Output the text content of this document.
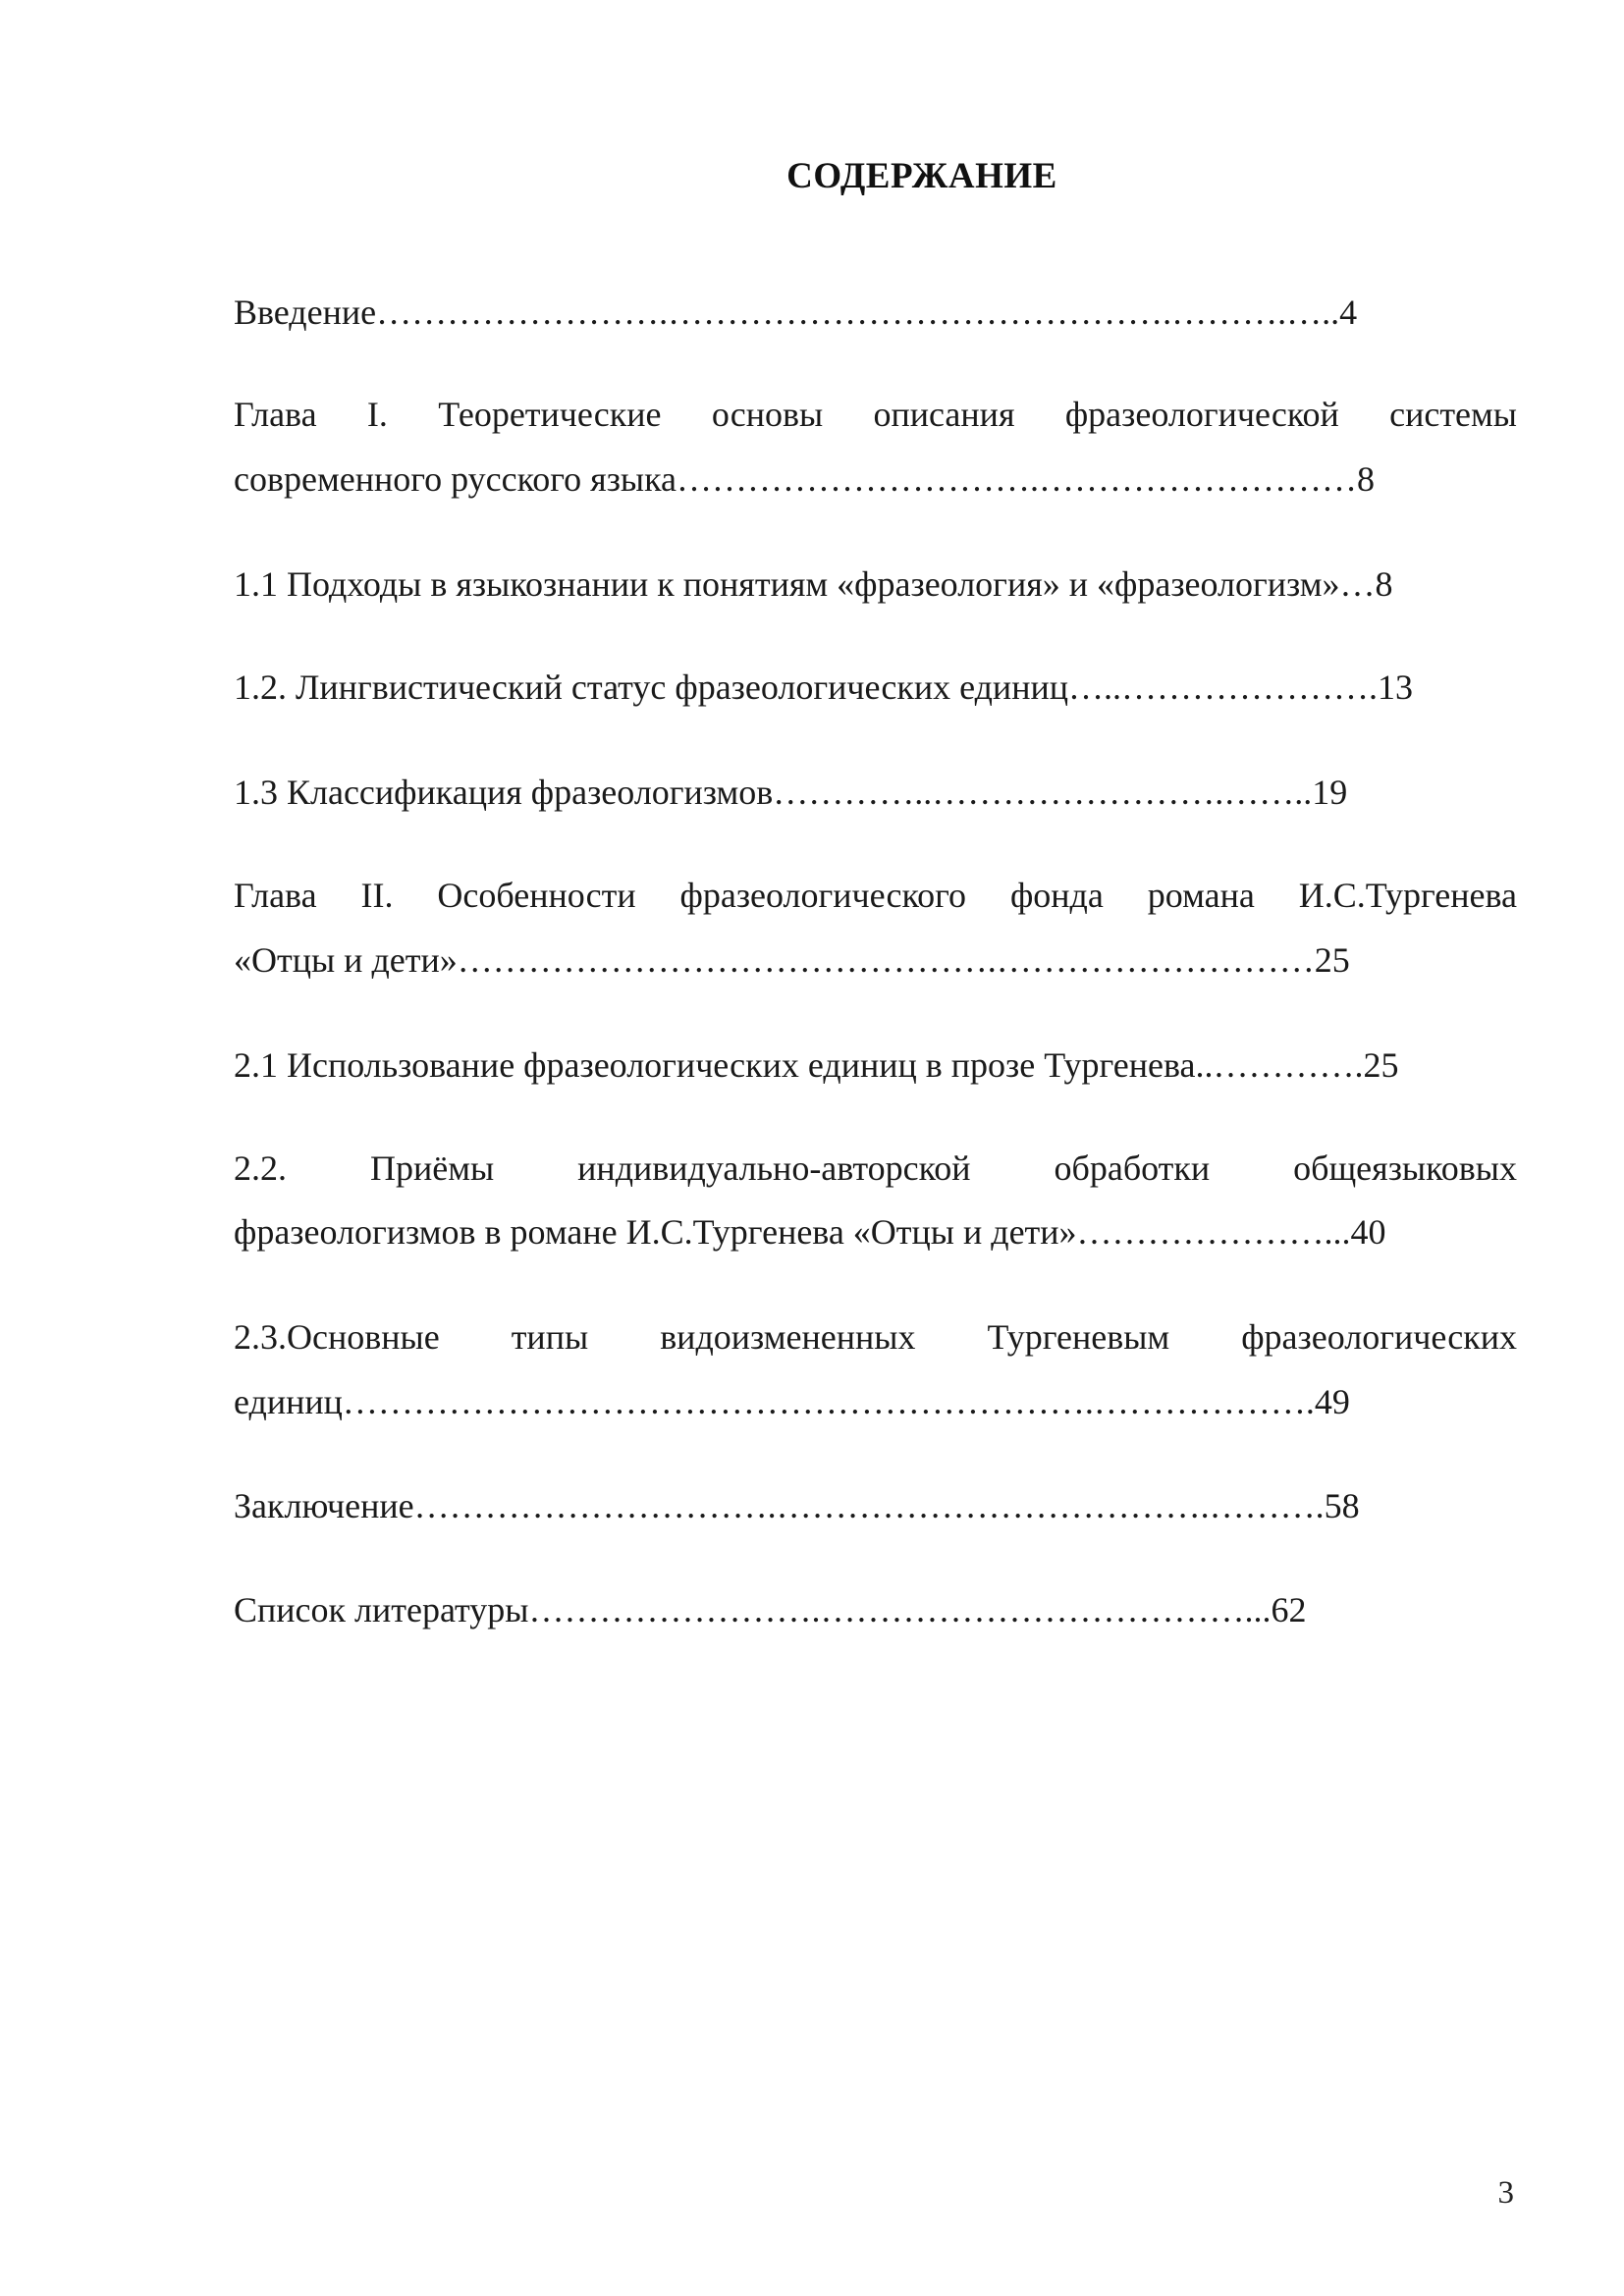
СОДЕРЖАНИЕ
Введение…………………….…………………………………….……….…..4
Глава I. Теоретические основы описания фразеологической системы
современного русского языка………………………….………………………8
1.1 Подходы в языкознании к понятиям «фразеология» и «фразеологизм»…8
1.2. Лингвистический статус фразеологических единиц…..………………….13
1.3 Классификация фразеологизмов…………..…………………….……..19
Глава II. Особенности фразеологического фонда романа И.С.Тургенева
«Отцы и дети»……………………………………….………………………25
2.1 Использование фразеологических единиц в прозе Тургенева..………….25
2.2. Приёмы индивидуально-авторской обработки общеязыковых
фразеологизмов в романе И.С.Тургенева «Отцы и дети»…………………...40
2.3.Основные типы видоизмененных Тургеневым фразеологических
единиц……………………………………………………….……………….49
Заключение………………………….……………………………….……….58
Список литературы…………………….………………………………...62
3
